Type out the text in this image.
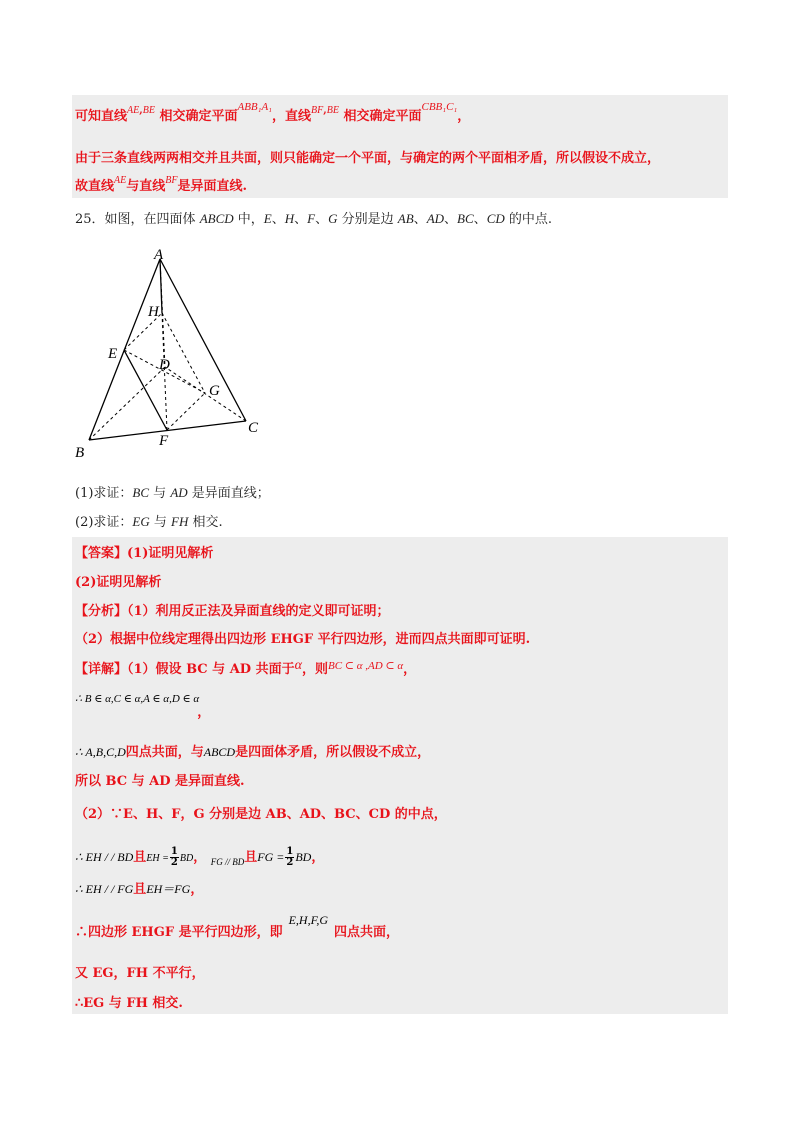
可知直线$^{AE,BE}$ 相交确定平面$^{ABB_1A_1}$，直线$^{BF,BE}$ 相交确定平面$^{CBB_1C_1}$，
由于三条直线两两相交并且共面，则只能确定一个平面，与确定的两个平面相矛盾，所以假设不成立，
故直线$^{AE}$与直线$^{BF}$是异面直线.
25．如图，在四面体 ABCD 中，E、H、F、G 分别是边 AB、AD、BC、CD 的中点.
A
H
E
D
G
B
F
C
(1)求证：BC 与 AD 是异面直线；
(2)求证：EG 与 FH 相交.
【答案】(1)证明见解析
(2)证明见解析
【分析】（1）利用反正法及异面直线的定义即可证明；
（2）根据中位线定理得出四边形 EHGF 平行四边形，进而四点共面即可证明.
【详解】（1）假设 BC 与 AD 共面于α，则$^{BC \subset \alpha ,AD \subset \alpha}$，
∴ B ∈ α,C ∈ α,A ∈ α,D ∈ α，
∴ A,B,C,D四点共面，与ABCD是四面体矛盾，所以假设不成立，
所以 BC 与 AD 是异面直线.
（2）∵E、H、F，G 分别是边 AB、AD、BC、CD 的中点，
∴ EH / / BD且EH = $\frac{1}{2}$ BD， $_{FG // BD}$且FG = $\frac{1}{2}$ BD，
∴ EH / / FG且EH＝FG，
∴四边形 EHGF 是平行四边形，即E,H,F,G四点共面，
又 EG，FH 不平行，
∴EG 与 FH 相交.
